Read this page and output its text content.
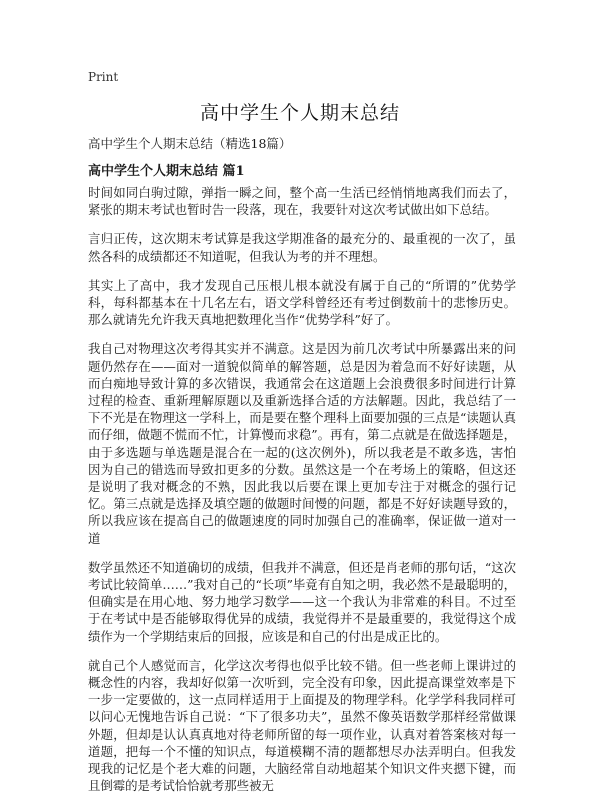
Print
高中学生个人期末总结
高中学生个人期末总结（精选18篇）
高中学生个人期末总结 篇1

时间如同白驹过隙，弹指一瞬之间，整个高一生活已经悄悄地离我们而去了，紧张的期末考试也暂时告一段落，现在，我要针对这次考试做出如下总结。

言归正传，这次期末考试算是我这学期准备的最充分的、最重视的一次了，虽然各科的成绩都还不知道呢，但我认为考的并不理想。

其实上了高中，我才发现自己压根儿根本就没有属于自己的“所谓的”优势学科，每科都基本在十几名左右，语文学科曾经还有考过倒数前十的悲惨历史。那么就请先允许我天真地把数理化当作“优势学科”好了。

我自己对物理这次考得其实并不满意。这是因为前几次考试中所暴露出来的问题仍然存在——面对一道貌似简单的解答题，总是因为着急而不好好读题，从而白痴地导致计算的多次错误，我通常会在这道题上会浪费很多时间进行计算过程的检查、重新理解原题以及重新选择合适的方法解题。因此，我总结了一下不光是在物理这一学科上，而是要在整个理科上面要加强的三点是“读题认真而仔细，做题不慌而不忙，计算慢而求稳”。再有，第二点就是在做选择题是，由于多选题与单选题是混合在一起的(这次例外)，所以我老是不敢多选，害怕因为自己的错选而导致扣更多的分数。虽然这是一个在考场上的策略，但这还是说明了我对概念的不熟，因此我以后要在课上更加专注于对概念的强行记忆。第三点就是选择及填空题的做题时间慢的问题，都是不好好读题导致的，所以我应该在提高自己的做题速度的同时加强自己的准确率，保证做一道对一道

数学虽然还不知道确切的成绩，但我并不满意，但还是肖老师的那句话，“这次考试比较简单……”我对自己的“长项”毕竟有自知之明，我必然不是最聪明的，但确实是在用心地、努力地学习数学——这一个我认为非常难的科目。不过至于在考试中是否能够取得优异的成绩，我觉得并不是最重要的，我觉得这个成绩作为一个学期结束后的回报，应该是和自己的付出是成正比的。

就自己个人感觉而言，化学这次考得也似乎比较不错。但一些老师上课讲过的概念性的内容，我却好似第一次听到，完全没有印象，因此提高课堂效率是下一步一定要做的，这一点同样适用于上面提及的物理学科。化学学科我同样可以问心无愧地告诉自己说：“下了很多功夫”，虽然不像英语数学那样经常做课外题，但却是认认真真地对待老师所留的每一项作业，认真对着答案核对每一道题，把每一个不懂的知识点，每道模糊不清的题都想尽办法弄明白。但我发现我的记忆是个老大难的问题，大脑经常自动地超某个知识文件夹摁下键，而且倒霉的是考试恰恰就考那些被无
